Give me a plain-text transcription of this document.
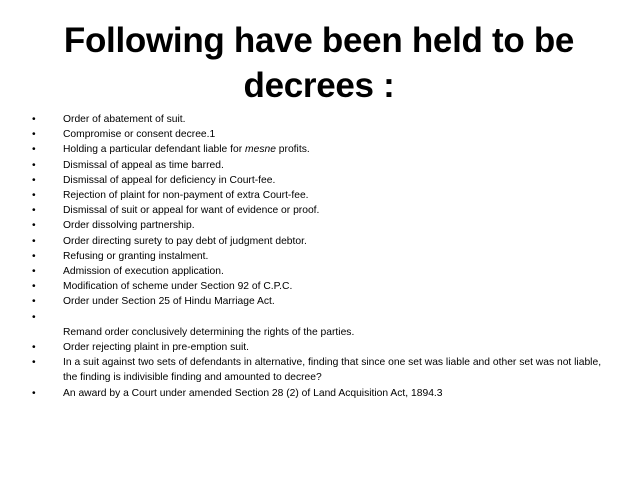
Following have been held to be decrees :
•	Order of abatement of suit.
•	Compromise or consent decree.1
•	Holding a particular defendant liable for mesne profits.
•	Dismissal of appeal as time barred.
•	Dismissal of appeal for deficiency in Court-fee.
•	Rejection of plaint for non-payment of extra Court-fee.
•	Dismissal of suit or appeal for want of evidence or proof.
•	Order dissolving partnership.
•	Order directing surety to pay debt of judgment debtor.
•	Refusing or granting instalment.
•	Admission of execution application.
•	Modification of scheme under Section 92 of C.P.C.
•	Order under Section 25 of Hindu Marriage Act.
•
Remand order conclusively determining the rights of the parties.
•	Order rejecting plaint in pre-emption suit.
•	In a suit against two sets of defendants in alternative, finding that since one set was liable and other set was not liable, the finding is indivisible finding and amounted to decree?
•	An award by a Court under amended Section 28 (2) of Land Acquisition Act, 1894.3
